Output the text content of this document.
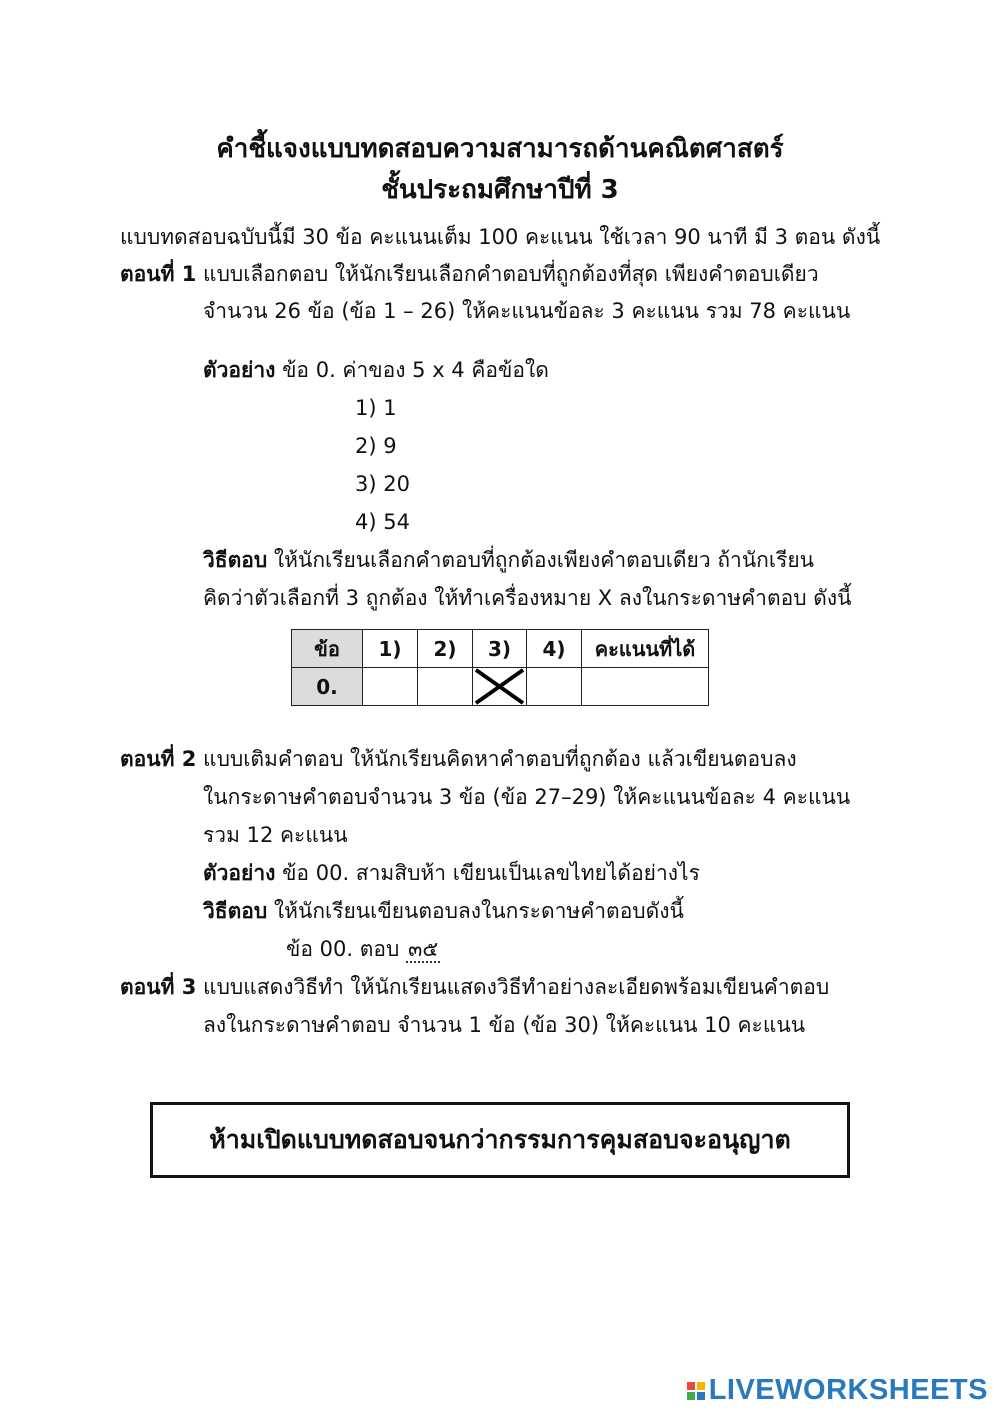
คำชี้แจงแบบทดสอบความสามารถด้านคณิตศาสตร์
ชั้นประถมศึกษาปีที่ 3
แบบทดสอบฉบับนี้มี 30 ข้อ คะแนนเต็ม 100 คะแนน ใช้เวลา 90 นาที มี 3 ตอน ดังนี้
ตอนที่ 1 แบบเลือกตอบ ให้นักเรียนเลือกคำตอบที่ถูกต้องที่สุด เพียงคำตอบเดียว
จำนวน 26 ข้อ (ข้อ 1 – 26) ให้คะแนนข้อละ 3 คะแนน รวม 78 คะแนน
ตัวอย่าง ข้อ 0. ค่าของ 5 x 4 คือข้อใด
1) 1
2) 9
3) 20
4) 54
วิธีตอบ ให้นักเรียนเลือกคำตอบที่ถูกต้องเพียงคำตอบเดียว ถ้านักเรียน
คิดว่าตัวเลือกที่ 3 ถูกต้อง ให้ทำเครื่องหมาย X ลงในกระดาษคำตอบ ดังนี้
ข้อ	1)	2)	3)	4)	คะแนนที่ได้
0.			

ตอนที่ 2 แบบเติมคำตอบ ให้นักเรียนคิดหาคำตอบที่ถูกต้อง แล้วเขียนตอบลง
ในกระดาษคำตอบจำนวน 3 ข้อ (ข้อ 27–29) ให้คะแนนข้อละ 4 คะแนน
รวม 12 คะแนน
ตัวอย่าง ข้อ 00. สามสิบห้า เขียนเป็นเลขไทยได้อย่างไร
วิธีตอบ ให้นักเรียนเขียนตอบลงในกระดาษคำตอบดังนี้
ข้อ 00. ตอบ ๓๕
ตอนที่ 3 แบบแสดงวิธีทำ ให้นักเรียนแสดงวิธีทำอย่างละเอียดพร้อมเขียนคำตอบ
ลงในกระดาษคำตอบ จำนวน 1 ข้อ (ข้อ 30) ให้คะแนน 10 คะแนน
ห้ามเปิดแบบทดสอบจนกว่ากรรมการคุมสอบจะอนุญาต
LIVEWORKSHEETS
